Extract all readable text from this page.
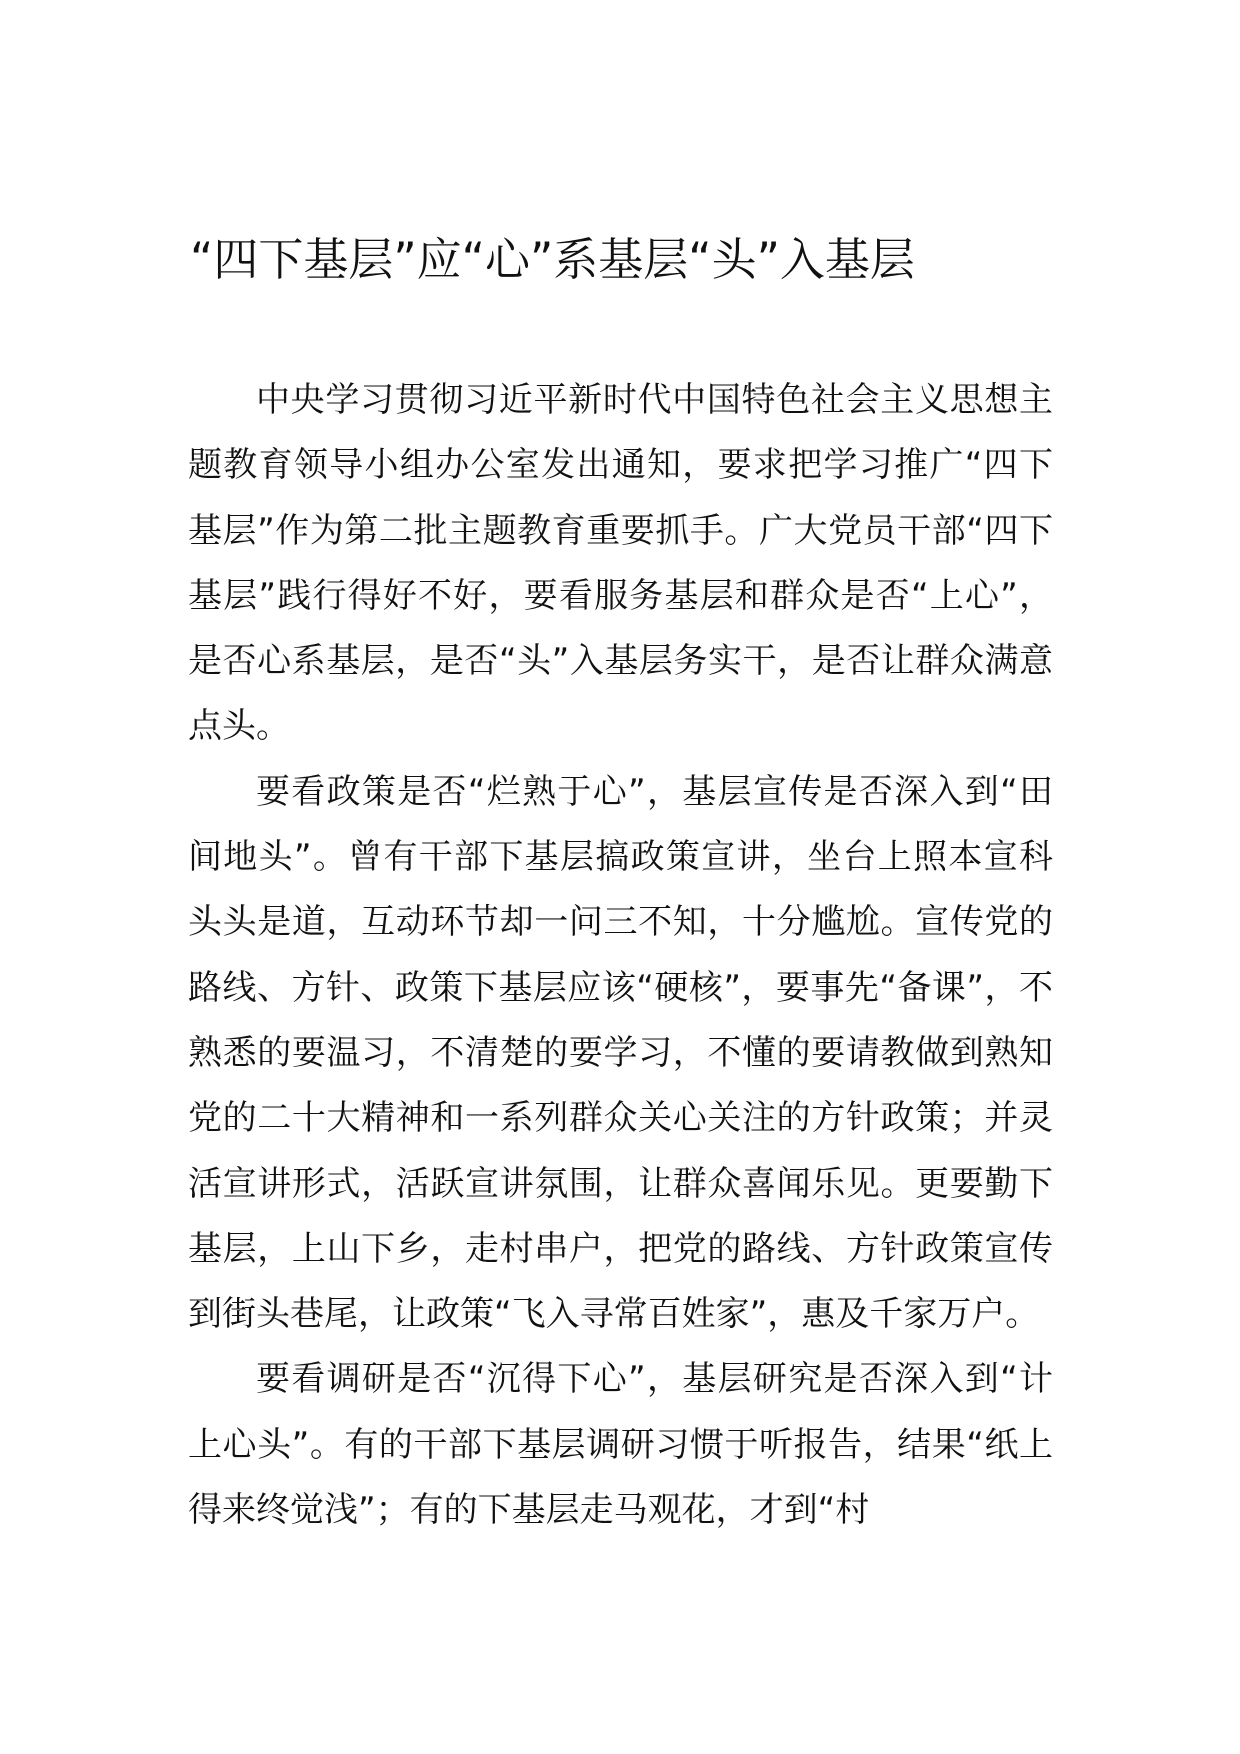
“四下基层”应“心”系基层“头”入基层

中央学习贯彻习近平新时代中国特色社会主义思想主题教育领导小组办公室发出通知，要求把学习推广“四下基层”作为第二批主题教育重要抓手。广大党员干部“四下基层”践行得好不好，要看服务基层和群众是否“上心”，是否心系基层，是否“头”入基层务实干，是否让群众满意点头。

要看政策是否“烂熟于心”，基层宣传是否深入到“田间地头”。曾有干部下基层搞政策宣讲，坐台上照本宣科头头是道，互动环节却一问三不知，十分尴尬。宣传党的路线、方针、政策下基层应该“硬核”，要事先“备课”，不熟悉的要温习，不清楚的要学习，不懂的要请教做到熟知党的二十大精神和一系列群众关心关注的方针政策；并灵活宣讲形式，活跃宣讲氛围，让群众喜闻乐见。更要勤下基层，上山下乡，走村串户，把党的路线、方针政策宣传到街头巷尾，让政策“飞入寻常百姓家”，惠及千家万户。

要看调研是否“沉得下心”，基层研究是否深入到“计上心头”。有的干部下基层调研习惯于听报告，结果“纸上得来终觉浅”；有的下基层走马观花，才到“村
